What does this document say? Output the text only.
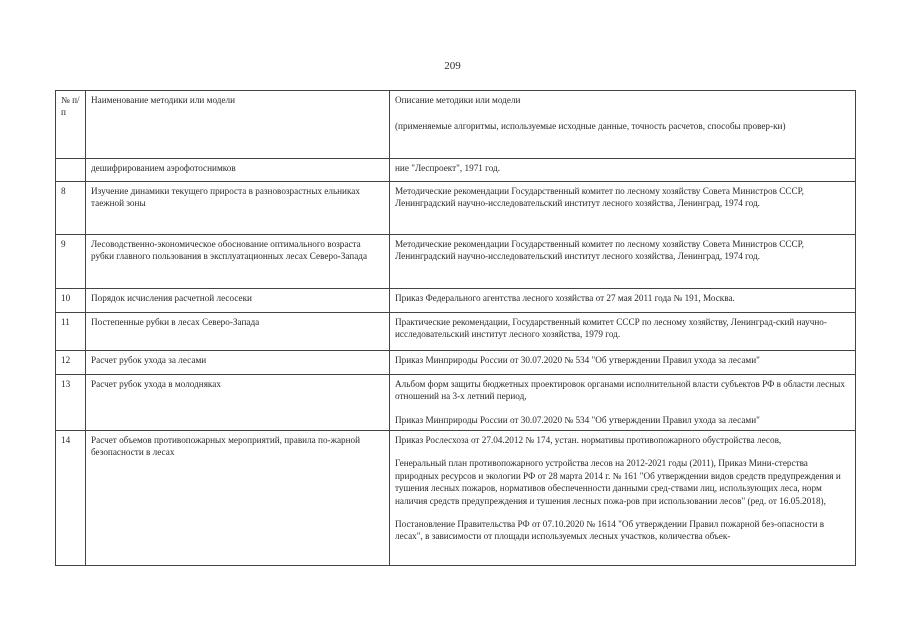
209
№ п/п	Наименование методики или модели	Описание методики или модели
(применяемые алгоритмы, используемые исходные данные, точность расчетов, способы провер-ки)

	дешифрированием аэрофотоснимков	ние "Леспроект", 1971 год.

8	Изучение динамики текущего прироста в разновозрастных ельниках таежной зоны	Методические рекомендации Государственный комитет по лесному хозяйству Совета Министров СССР, Ленинградский научно-исследовательский институт лесного хозяйства, Ленинград, 1974 год.

9	Лесоводственно-экономическое обоснование оптимального возраста рубки главного пользования в эксплуатационных лесах Северо-Запада	Методические рекомендации Государственный комитет по лесному хозяйству Совета Министров СССР, Ленинградский научно-исследовательский институт лесного хозяйства, Ленинград, 1974 год.

10	Порядок исчисления расчетной лесосеки	Приказ Федерального агентства лесного хозяйства от 27 мая 2011 года № 191, Москва.

11	Постепенные рубки в лесах Северо-Запада	Практические рекомендации, Государственный комитет СССР по лесному хозяйству, Ленинград-ский научно-исследовательский институт лесного хозяйства, 1979 год.

12	Расчет рубок ухода за лесами	Приказ Минприроды России от 30.07.2020 № 534 "Об утверждении Правил ухода за лесами"

13	Расчет рубок ухода в молодняках	Альбом форм защиты бюджетных проектировок органами исполнительной власти субъектов РФ в области лесных отношений на 3-х летний период,
Приказ Минприроды России от 30.07.2020 № 534 "Об утверждении Правил ухода за лесами"

14	Расчет объемов противопожарных мероприятий, правила по-жарной безопасности в лесах	Приказ Рослесхоза от 27.04.2012 № 174, устан. нормативы противопожарного обустройства лесов,
Генеральный план противопожарного устройства лесов на 2012-2021 годы (2011), Приказ Мини-стерства природных ресурсов и экологии РФ от 28 марта 2014 г. № 161 "Об утверждении видов средств предупреждения и тушения лесных пожаров, нормативов обеспеченности данными сред-ствами лиц, использующих леса, норм наличия средств предупреждения и тушения лесных пожа-ров при использовании лесов" (ред. от 16.05.2018),
Постановление Правительства РФ от 07.10.2020 № 1614 "Об утверждении Правил пожарной без-опасности в лесах", в зависимости от площади используемых лесных участков, количества объек-
